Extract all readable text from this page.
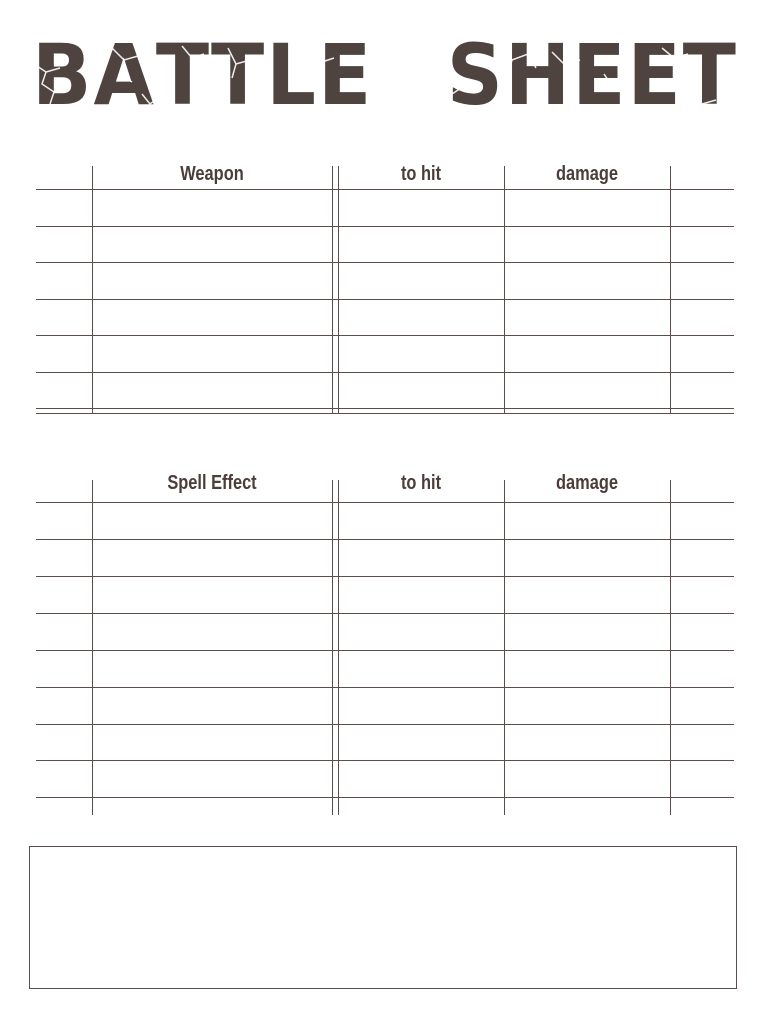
B A T T L E S H E E T
Weapon	to hit	damage
Spell Effect	to hit	damage
